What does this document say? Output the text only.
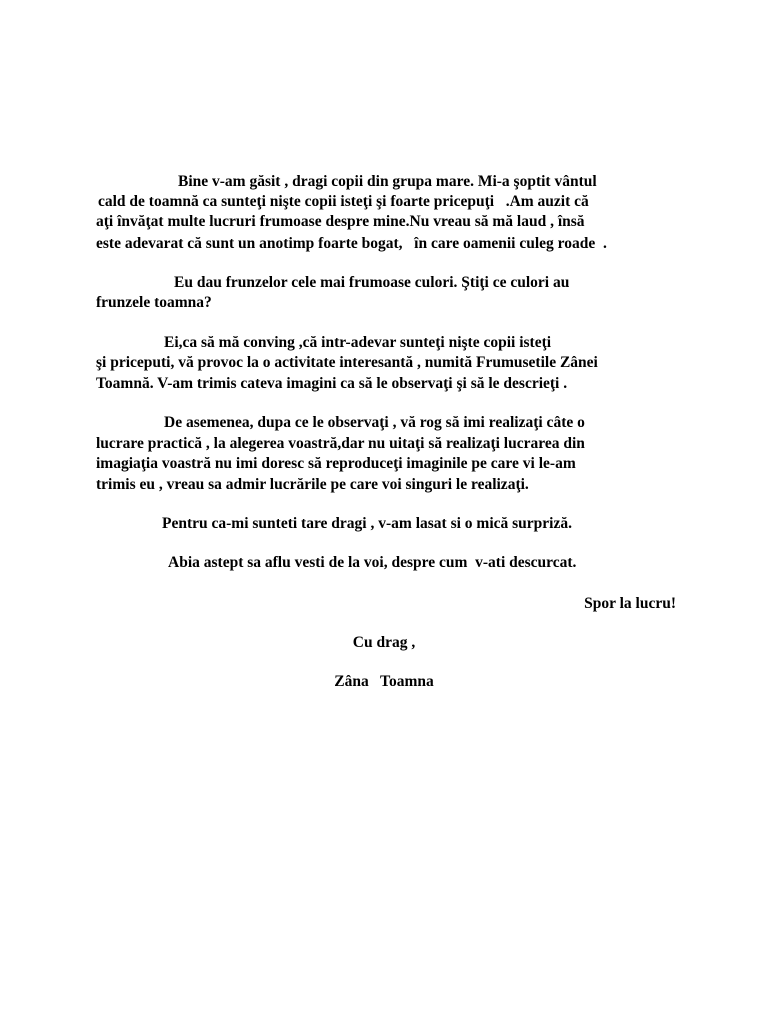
Bine v-am găsit , dragi copii din grupa mare. Mi-a şoptit vântul

cald de toamnă ca sunteţi nişte copii isteţi şi foarte pricepuţi   .Am auzit că

aţi învăţat multe lucruri frumoase despre mine.Nu vreau să mă laud , însă

este adevarat că sunt un anotimp foarte bogat,   în care oamenii culeg roade  .

Eu dau frunzelor cele mai frumoase culori. Ştiţi ce culori au

frunzele toamna?

Ei,ca să mă conving ,că intr-adevar sunteţi nişte copii isteţi

şi priceputi, vă provoc la o activitate interesantă , numită Frumusetile Zânei

Toamnă. V-am trimis cateva imagini ca să le observaţi şi să le descrieţi .

De asemenea, dupa ce le observaţi , vă rog să imi realizaţi câte o

lucrare practică , la alegerea voastră,dar nu uitaţi să realizaţi lucrarea din

imagiaţia voastră nu imi doresc să reproduceţi imaginile pe care vi le-am

trimis eu , vreau sa admir lucrările pe care voi singuri le realizaţi.

Pentru ca-mi sunteti tare dragi , v-am lasat si o mică surpriză.

Abia astept sa aflu vesti de la voi, despre cum  v-ati descurcat.

Spor la lucru!

Cu drag ,

Zâna   Toamna
